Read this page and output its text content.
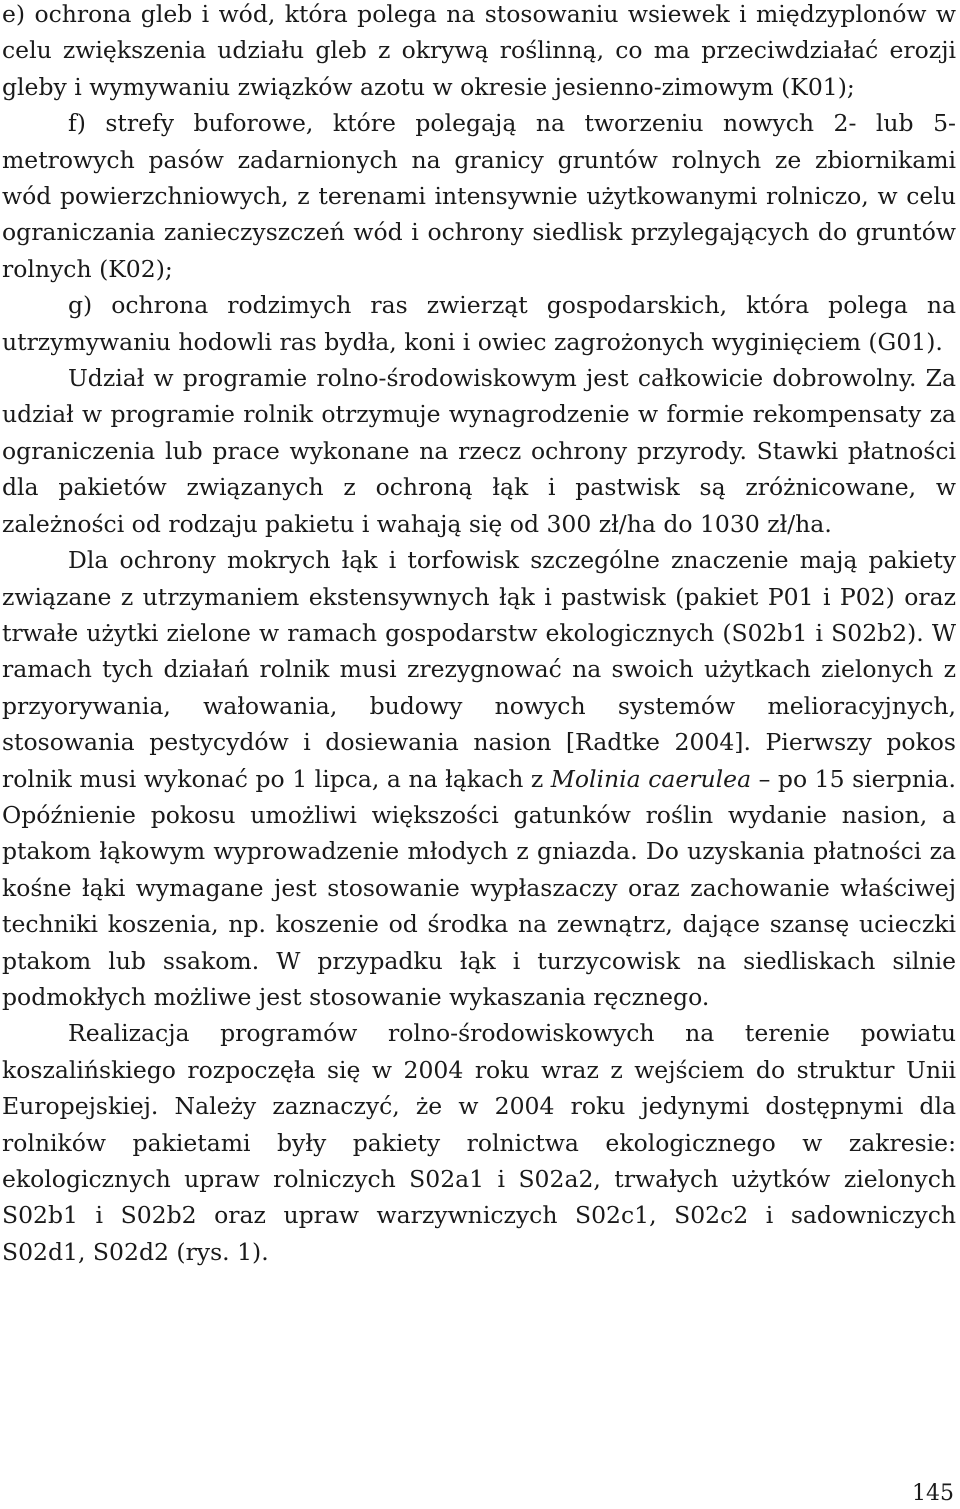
e) ochrona gleb i wód, która polega na stosowaniu wsiewek i międzyplonów w celu zwiększenia udziału gleb z okrywą roślinną, co ma przeciwdziałać erozji gleby i wymywaniu związków azotu w okresie jesienno-zimowym (K01);

f) strefy buforowe, które polegają na tworzeniu nowych 2- lub 5-metrowych pasów zadarnionych na granicy gruntów rolnych ze zbiornikami wód powierzchniowych, z terenami intensywnie użytkowanymi rolniczo, w celu ograniczania zanieczyszczeń wód i ochrony siedlisk przylegających do gruntów rolnych (K02);

g) ochrona rodzimych ras zwierząt gospodarskich, która polega na utrzymywaniu hodowli ras bydła, koni i owiec zagrożonych wyginięciem (G01).

Udział w programie rolno-środowiskowym jest całkowicie dobrowolny. Za udział w programie rolnik otrzymuje wynagrodzenie w formie rekompensaty za ograniczenia lub prace wykonane na rzecz ochrony przyrody. Stawki płatności dla pakietów związanych z ochroną łąk i pastwisk są zróżnicowane, w zależności od rodzaju pakietu i wahają się od 300 zł/ha do 1030 zł/ha.

Dla ochrony mokrych łąk i torfowisk szczególne znaczenie mają pakiety związane z utrzymaniem ekstensywnych łąk i pastwisk (pakiet P01 i P02) oraz trwałe użytki zielone w ramach gospodarstw ekologicznych (S02b1 i S02b2). W ramach tych działań rolnik musi zrezygnować na swoich użytkach zielonych z przyorywania, wałowania, budowy nowych systemów melioracyjnych, stosowania pestycydów i dosiewania nasion [Radtke 2004]. Pierwszy pokos rolnik musi wykonać po 1 lipca, a na łąkach z Molinia caerulea – po 15 sierpnia. Opóźnienie pokosu umożliwi większości gatunków roślin wydanie nasion, a ptakom łąkowym wyprowadzenie młodych z gniazda. Do uzyskania płatności za kośne łąki wymagane jest stosowanie wypłaszaczy oraz zachowanie właściwej techniki koszenia, np. koszenie od środka na zewnątrz, dające szansę ucieczki ptakom lub ssakom. W przypadku łąk i turzycowisk na siedliskach silnie podmokłych możliwe jest stosowanie wykaszania ręcznego.

Realizacja programów rolno-środowiskowych na terenie powiatu koszalińskiego rozpoczęła się w 2004 roku wraz z wejściem do struktur Unii Europejskiej. Należy zaznaczyć, że w 2004 roku jedynymi dostępnymi dla rolników pakietami były pakiety rolnictwa ekologicznego w zakresie: ekologicznych upraw rolniczych S02a1 i S02a2, trwałych użytków zielonych S02b1 i S02b2 oraz upraw warzywniczych S02c1, S02c2 i sadowniczych S02d1, S02d2 (rys. 1).

145
